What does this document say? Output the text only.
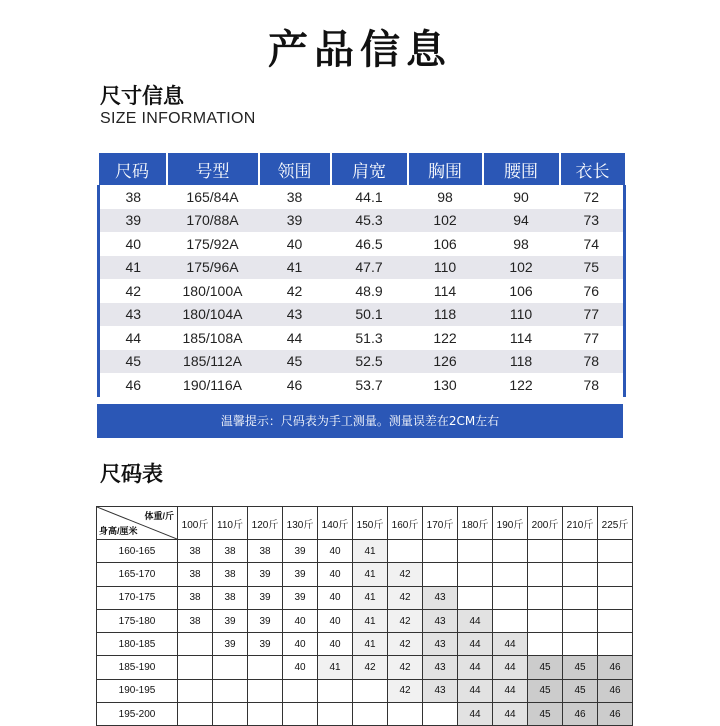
产品信息
尺寸信息
SIZE INFORMATION
尺码	号型	领围	肩宽	胸围	腰围	衣长
38	165/84A	38	44.1	98	90	72
39	170/88A	39	45.3	102	94	73
40	175/92A	40	46.5	106	98	74
41	175/96A	41	47.7	110	102	75
42	180/100A	42	48.9	114	106	76
43	180/104A	43	50.1	118	110	77
44	185/108A	44	51.3	122	114	77
45	185/112A	45	52.5	126	118	78
46	190/116A	46	53.7	130	122	78
温馨提示：尺码表为手工测量。测量误差在2CM左右
尺码表
体重/斤
身高/厘米	100斤	110斤	120斤	130斤	140斤	150斤	160斤	170斤	180斤	190斤	200斤	210斤	225斤
160-165	38	38	38	39	40	41							
165-170	38	38	39	39	40	41	42						
170-175	38	38	39	39	40	41	42	43					
175-180	38	39	39	40	40	41	42	43	44				
180-185		39	39	40	40	41	42	43	44	44			
185-190				40	41	42	42	43	44	44	45	45	46
190-195							42	43	44	44	45	45	46
195-200									44	44	45	46	46
